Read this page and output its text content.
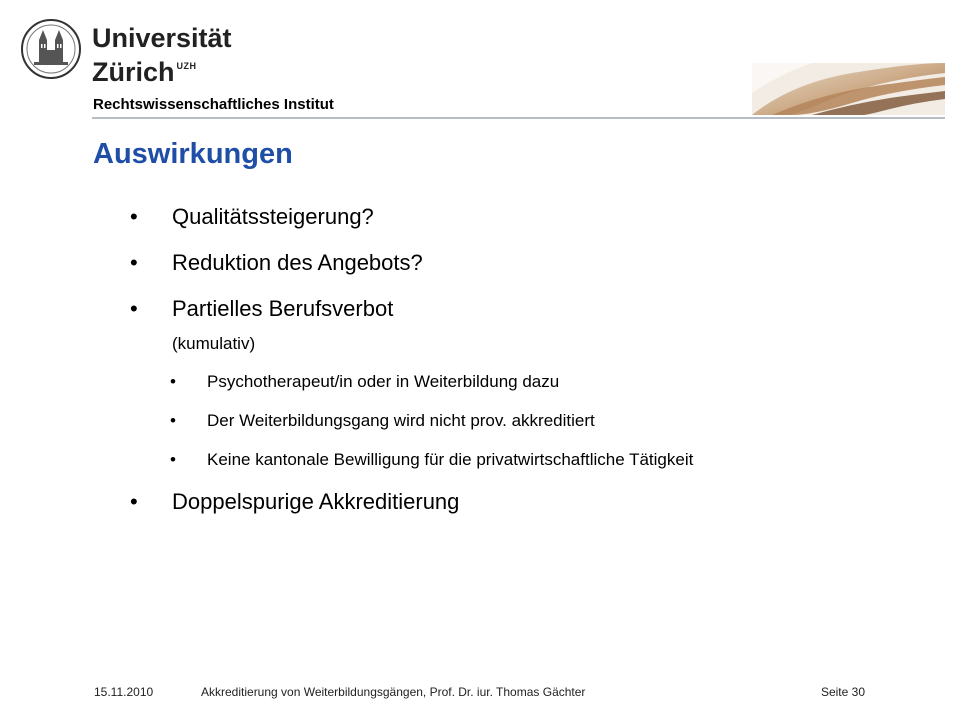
Universität
Zürich $^{UZH}$
Rechtswissenschaftliches Institut
Auswirkungen
• Qualitätssteigerung?
• Reduktion des Angebots?
• Partielles Berufsverbot
(kumulativ)
• Psychotherapeut/in oder in Weiterbildung dazu
• Der Weiterbildungsgang wird nicht prov. akkreditiert
• Keine kantonale Bewilligung für die privatwirtschaftliche Tätigkeit
• Doppelspurige Akkreditierung
15.11.2010	Akkreditierung von Weiterbildungsgängen, Prof. Dr. iur. Thomas Gächter	Seite 30
